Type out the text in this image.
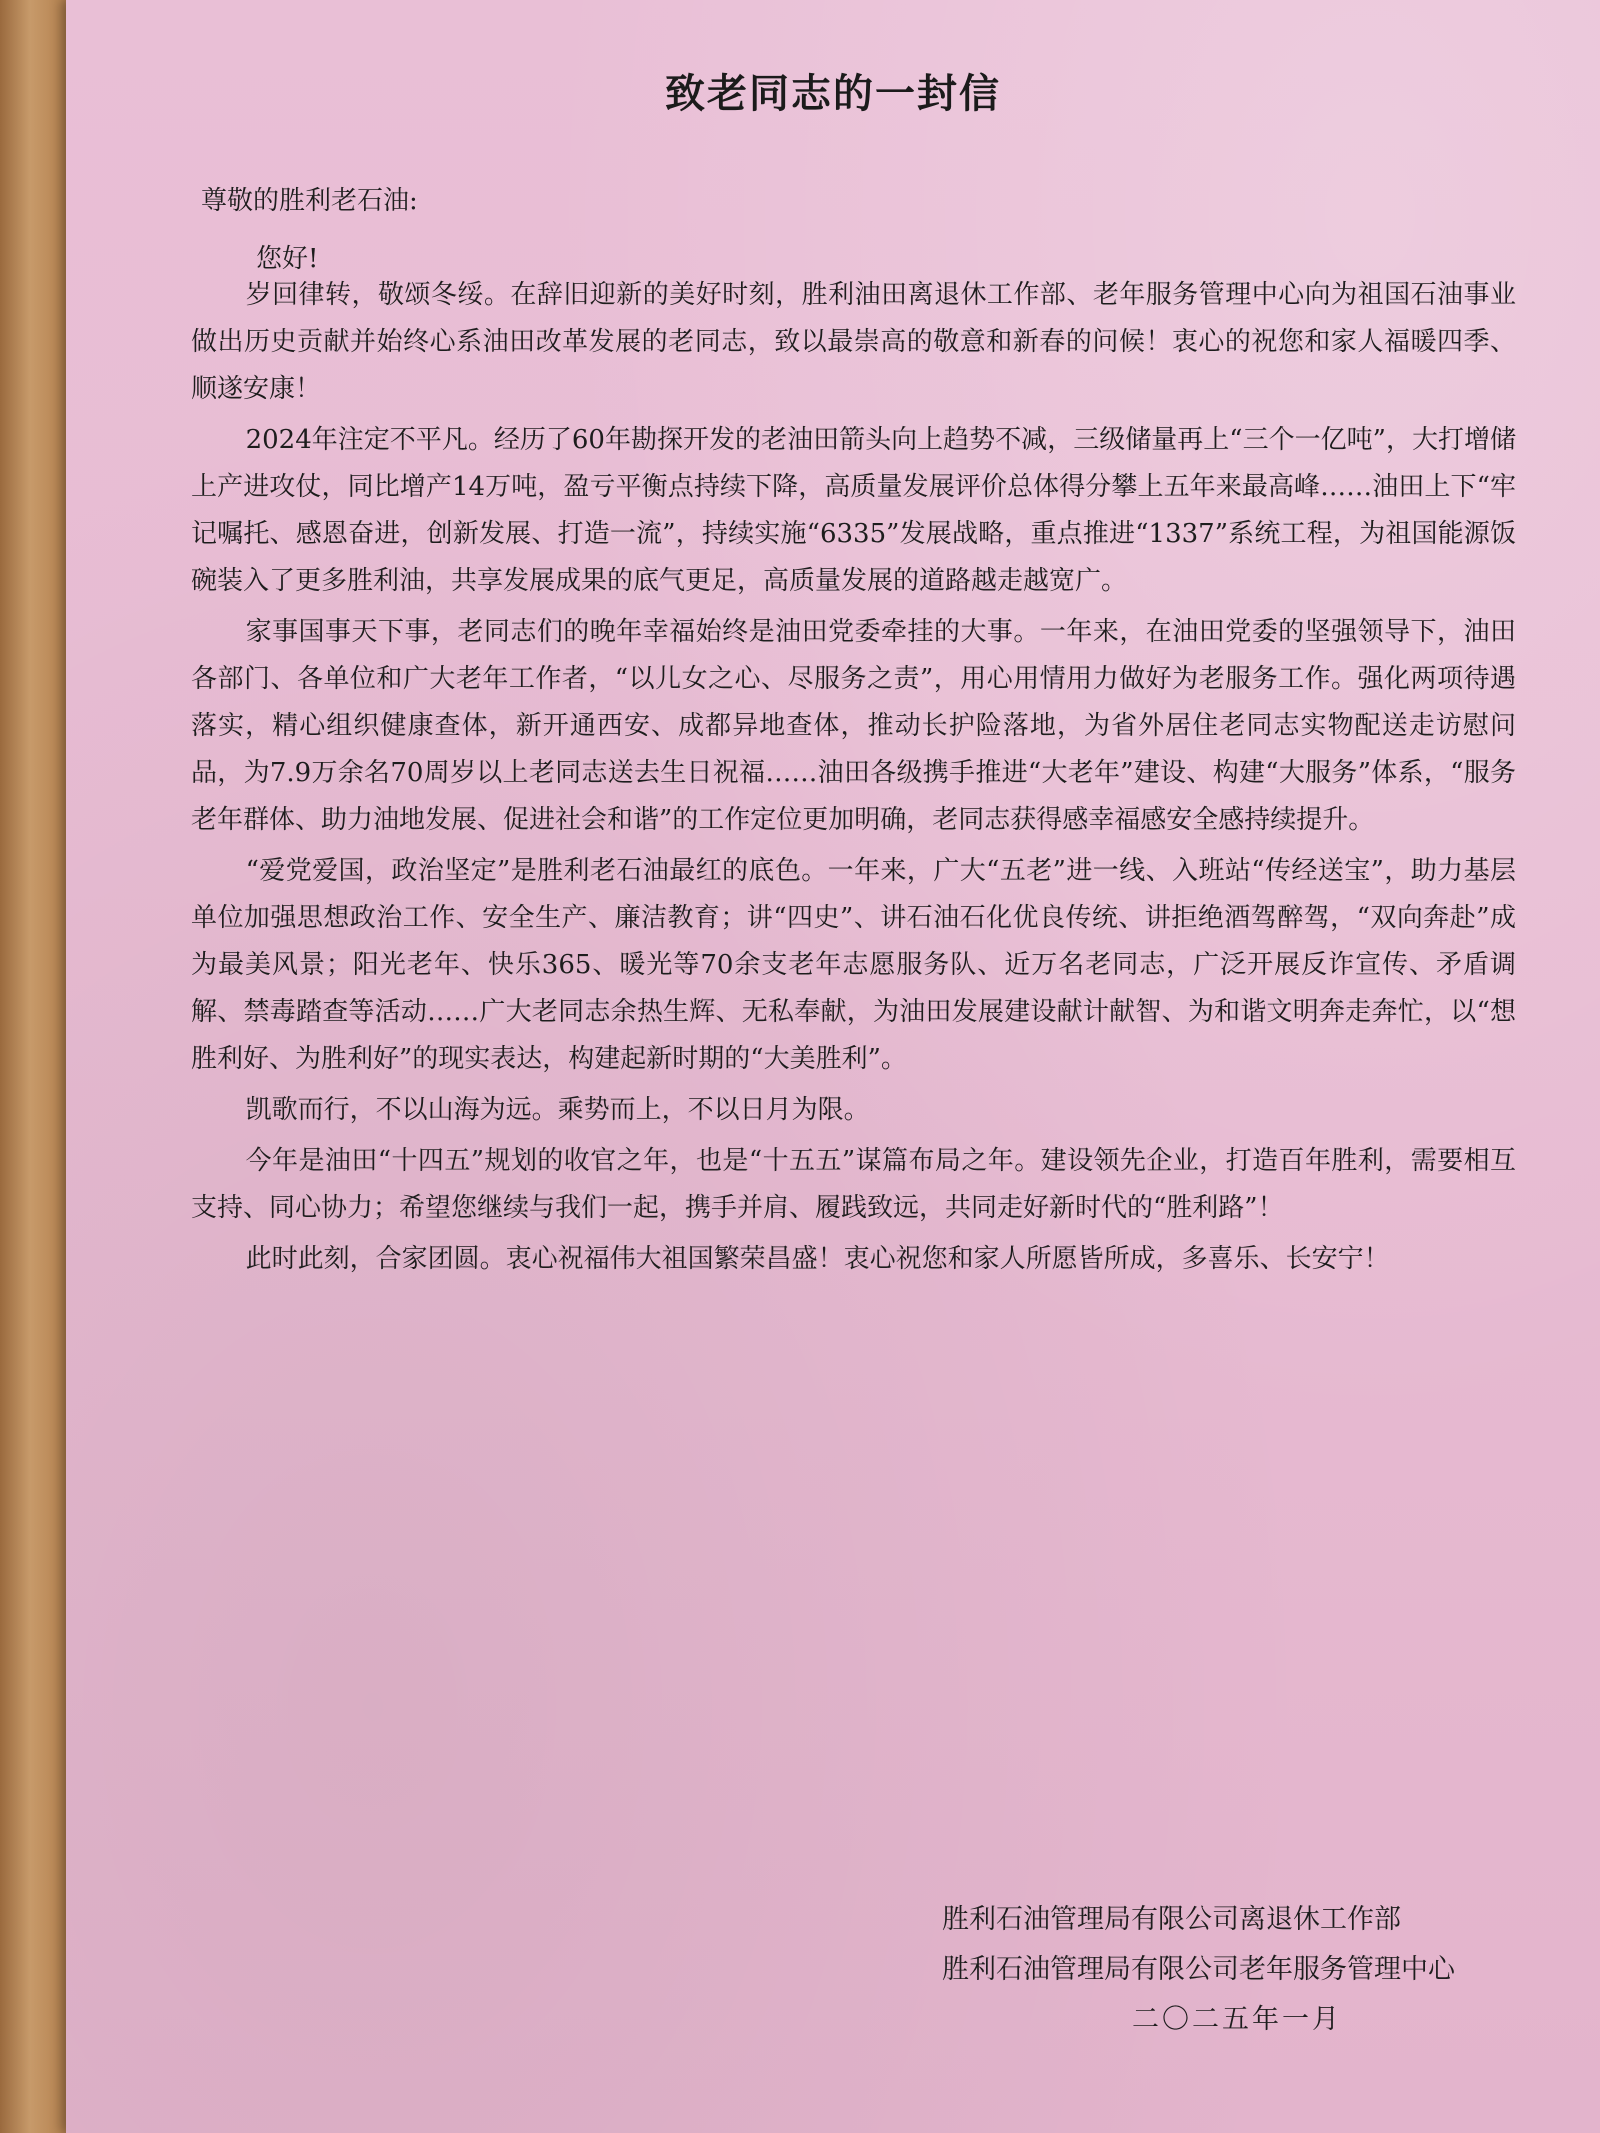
致老同志的一封信
尊敬的胜利老石油:
您好!

岁回律转，敬颂冬绥。在辞旧迎新的美好时刻，胜利油田离退休工作部、老年服务管理中心向为祖国石油事业做出历史贡献并始终心系油田改革发展的老同志，致以最崇高的敬意和新春的问候！衷心的祝您和家人福暖四季、顺遂安康！

2024年注定不平凡。经历了60年勘探开发的老油田箭头向上趋势不减，三级储量再上“三个一亿吨”，大打增储上产进攻仗，同比增产14万吨，盈亏平衡点持续下降，高质量发展评价总体得分攀上五年来最高峰……油田上下“牢记嘱托、感恩奋进，创新发展、打造一流”，持续实施“6335”发展战略，重点推进“1337”系统工程，为祖国能源饭碗装入了更多胜利油，共享发展成果的底气更足，高质量发展的道路越走越宽广。

家事国事天下事，老同志们的晚年幸福始终是油田党委牵挂的大事。一年来，在油田党委的坚强领导下，油田各部门、各单位和广大老年工作者，“以儿女之心、尽服务之责”，用心用情用力做好为老服务工作。强化两项待遇落实，精心组织健康查体，新开通西安、成都异地查体，推动长护险落地，为省外居住老同志实物配送走访慰问品，为7.9万余名70周岁以上老同志送去生日祝福……油田各级携手推进“大老年”建设、构建“大服务”体系，“服务老年群体、助力油地发展、促进社会和谐”的工作定位更加明确，老同志获得感幸福感安全感持续提升。

“爱党爱国，政治坚定”是胜利老石油最红的底色。一年来，广大“五老”进一线、入班站“传经送宝”，助力基层单位加强思想政治工作、安全生产、廉洁教育；讲“四史”、讲石油石化优良传统、讲拒绝酒驾醉驾，“双向奔赴”成为最美风景；阳光老年、快乐365、暖光等70余支老年志愿服务队、近万名老同志，广泛开展反诈宣传、矛盾调解、禁毒踏查等活动……广大老同志余热生辉、无私奉献，为油田发展建设献计献智、为和谐文明奔走奔忙，以“想胜利好、为胜利好”的现实表达，构建起新时期的“大美胜利”。

凯歌而行，不以山海为远。乘势而上，不以日月为限。

今年是油田“十四五”规划的收官之年，也是“十五五”谋篇布局之年。建设领先企业，打造百年胜利，需要相互支持、同心协力；希望您继续与我们一起，携手并肩、履践致远，共同走好新时代的“胜利路”！

此时此刻，合家团圆。衷心祝福伟大祖国繁荣昌盛！衷心祝您和家人所愿皆所成，多喜乐、长安宁！

胜利石油管理局有限公司离退休工作部
胜利石油管理局有限公司老年服务管理中心
二〇二五年一月
